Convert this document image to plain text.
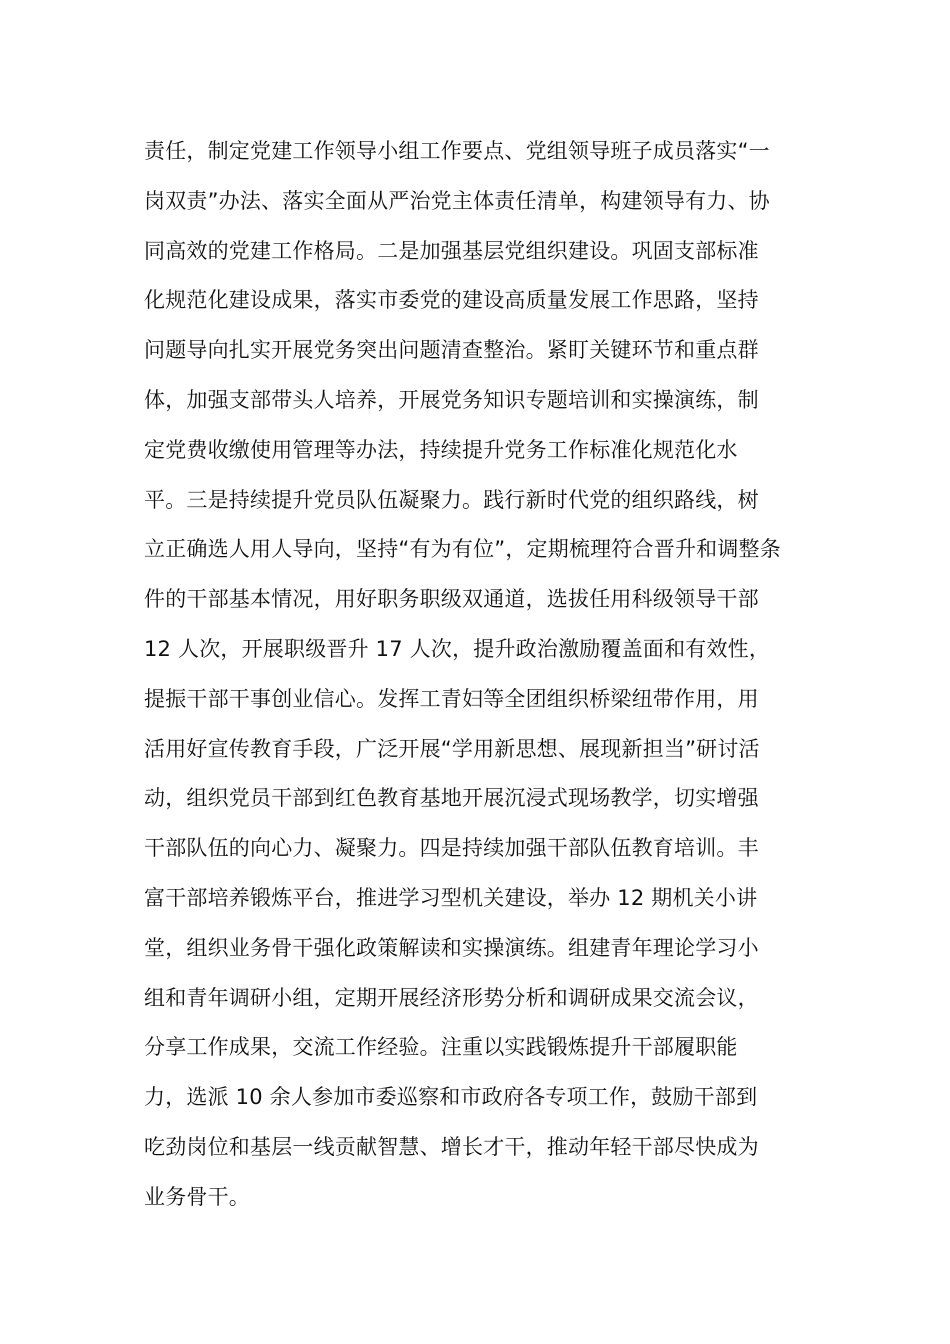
责任，制定党建工作领导小组工作要点、党组领导班子成员落实“一
岗双责”办法、落实全面从严治党主体责任清单，构建领导有力、协
同高效的党建工作格局。二是加强基层党组织建设。巩固支部标准
化规范化建设成果，落实市委党的建设高质量发展工作思路，坚持
问题导向扎实开展党务突出问题清查整治。紧盯关键环节和重点群
体，加强支部带头人培养，开展党务知识专题培训和实操演练，制
定党费收缴使用管理等办法，持续提升党务工作标准化规范化水
平。三是持续提升党员队伍凝聚力。践行新时代党的组织路线，树
立正确选人用人导向，坚持“有为有位”，定期梳理符合晋升和调整条
件的干部基本情况，用好职务职级双通道，选拔任用科级领导干部
12 人次，开展职级晋升 17 人次，提升政治激励覆盖面和有效性，
提振干部干事创业信心。发挥工青妇等全团组织桥梁纽带作用，用
活用好宣传教育手段，广泛开展“学用新思想、展现新担当”研讨活
动，组织党员干部到红色教育基地开展沉浸式现场教学，切实增强
干部队伍的向心力、凝聚力。四是持续加强干部队伍教育培训。丰
富干部培养锻炼平台，推进学习型机关建设，举办 12 期机关小讲
堂，组织业务骨干强化政策解读和实操演练。组建青年理论学习小
组和青年调研小组，定期开展经济形势分析和调研成果交流会议，
分享工作成果，交流工作经验。注重以实践锻炼提升干部履职能
力，选派 10 余人参加市委巡察和市政府各专项工作，鼓励干部到
吃劲岗位和基层一线贡献智慧、增长才干，推动年轻干部尽快成为
业务骨干。
